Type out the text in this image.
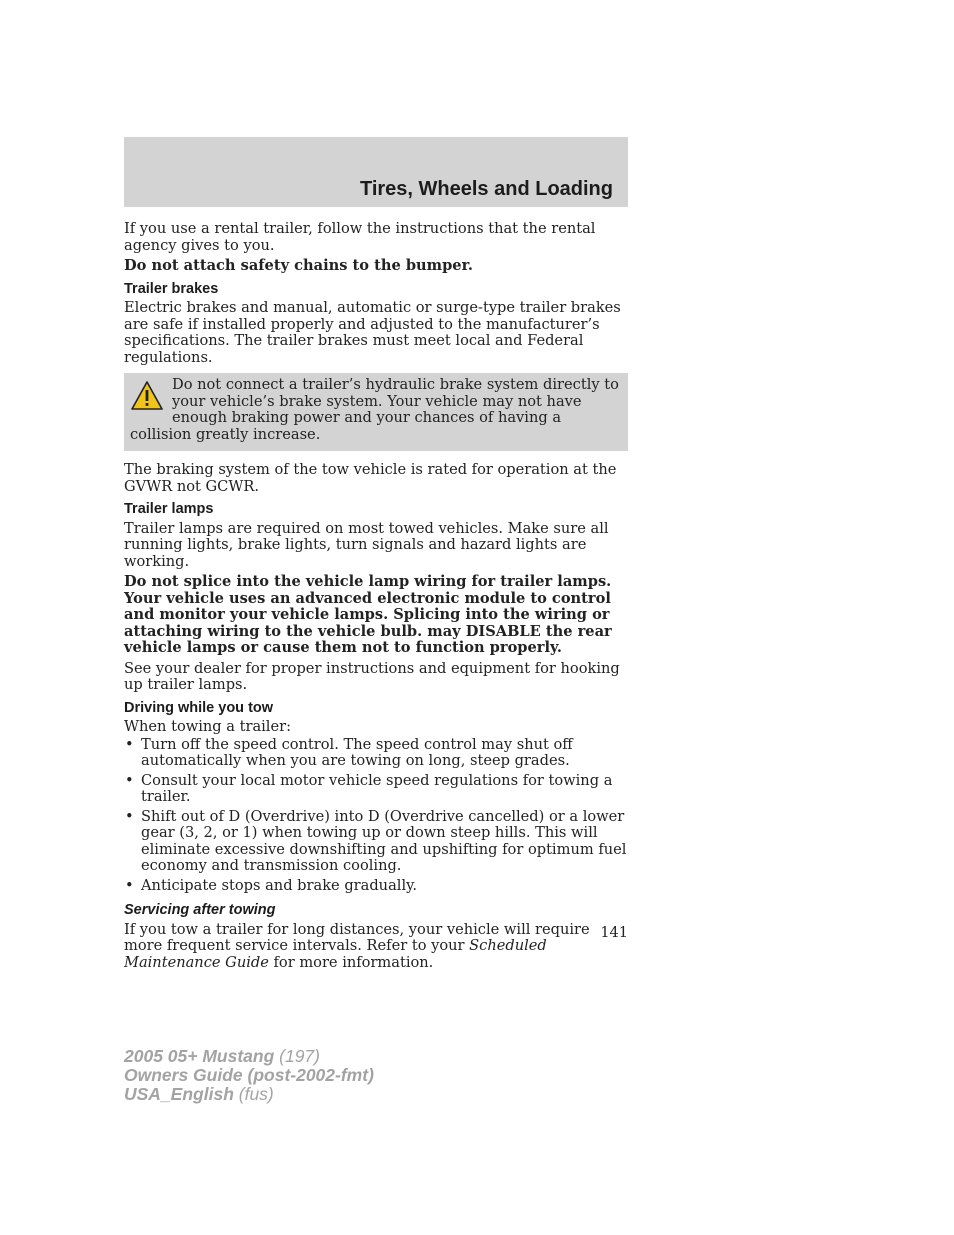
Tires, Wheels and Loading

If you use a rental trailer, follow the instructions that the rental agency gives to you.

Do not attach safety chains to the bumper.

Trailer brakes

Electric brakes and manual, automatic or surge-type trailer brakes are safe if installed properly and adjusted to the manufacturer’s specifications. The trailer brakes must meet local and Federal regulations.

Do not connect a trailer’s hydraulic brake system directly to your vehicle’s brake system. Your vehicle may not have enough braking power and your chances of having a collision greatly increase.

The braking system of the tow vehicle is rated for operation at the GVWR not GCWR.

Trailer lamps

Trailer lamps are required on most towed vehicles. Make sure all running lights, brake lights, turn signals and hazard lights are working.

Do not splice into the vehicle lamp wiring for trailer lamps. Your vehicle uses an advanced electronic module to control and monitor your vehicle lamps. Splicing into the wiring or attaching wiring to the vehicle bulb. may DISABLE the rear vehicle lamps or cause them not to function properly.

See your dealer for proper instructions and equipment for hooking up trailer lamps.

Driving while you tow

When towing a trailer:

• Turn off the speed control. The speed control may shut off automatically when you are towing on long, steep grades.
• Consult your local motor vehicle speed regulations for towing a trailer.
• Shift out of D (Overdrive) into D (Overdrive cancelled) or a lower gear (3, 2, or 1) when towing up or down steep hills. This will eliminate excessive downshifting and upshifting for optimum fuel economy and transmission cooling.
• Anticipate stops and brake gradually.
Servicing after towing

If you tow a trailer for long distances, your vehicle will require more frequent service intervals. Refer to your Scheduled Maintenance Guide for more information.

141
2005 05+ Mustang (197)
Owners Guide (post-2002-fmt)
USA_English (fus)
